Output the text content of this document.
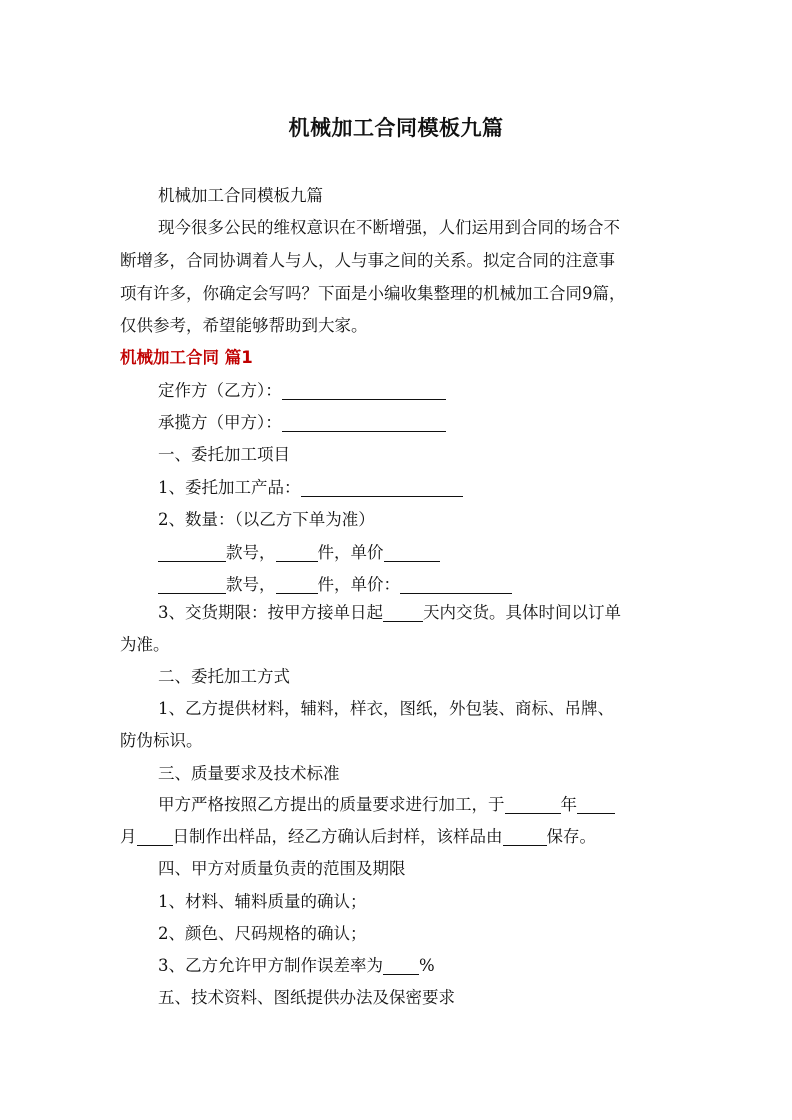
机械加工合同模板九篇
机械加工合同模板九篇
现今很多公民的维权意识在不断增强，人们运用到合同的场合不
断增多，合同协调着人与人，人与事之间的关系。拟定合同的注意事
项有许多，你确定会写吗？下面是小编收集整理的机械加工合同9篇，
仅供参考，希望能够帮助到大家。
机械加工合同 篇1
定作方（乙方）：
承揽方（甲方）：
一、委托加工项目
1、委托加工产品：
2、数量：（以乙方下单为准）
款号，	件，单价
款号，	件，单价：
3、交货期限：按甲方接单日起 天内交货。具体时间以订单
为准。
二、委托加工方式
1、乙方提供材料，辅料，样衣，图纸，外包装、商标、吊牌、
防伪标识。
三、质量要求及技术标准
甲方严格按照乙方提出的质量要求进行加工，于	年
月 日制作出样品，经乙方确认后封样，该样品由	保存。
四、甲方对质量负责的范围及期限
1、材料、辅料质量的确认；
2、颜色、尺码规格的确认；
3、乙方允许甲方制作误差率为 %
五、技术资料、图纸提供办法及保密要求
